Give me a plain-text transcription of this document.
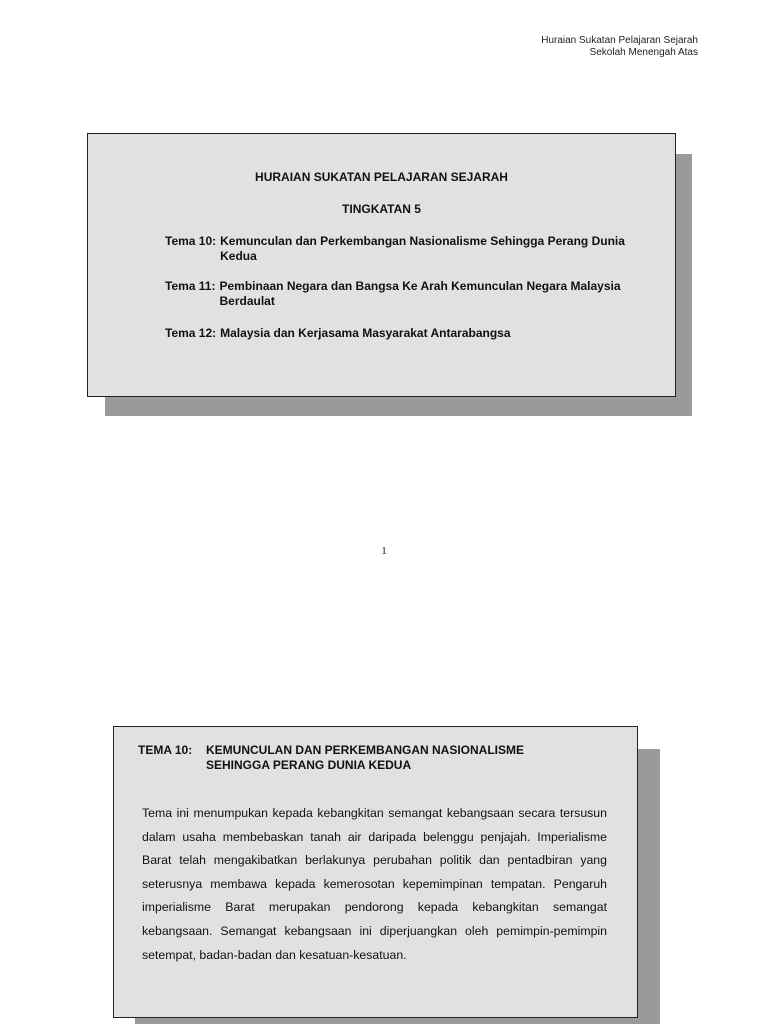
Huraian Sukatan Pelajaran Sejarah
Sekolah Menengah Atas
HURAIAN SUKATAN PELAJARAN SEJARAH
TINGKATAN 5
Tema 10: Kemunculan dan Perkembangan Nasionalisme Sehingga Perang Dunia Kedua
Tema 11: Pembinaan Negara dan Bangsa Ke Arah Kemunculan Negara Malaysia Berdaulat
Tema 12: Malaysia dan Kerjasama Masyarakat Antarabangsa
1
TEMA 10:	KEMUNCULAN DAN PERKEMBANGAN NASIONALISME SEHINGGA PERANG DUNIA KEDUA
Tema ini menumpukan kepada kebangkitan semangat kebangsaan secara tersusun dalam usaha membebaskan tanah air daripada belenggu penjajah. Imperialisme Barat telah mengakibatkan berlakunya perubahan politik dan pentadbiran yang seterusnya membawa kepada kemerosotan kepemimpinan tempatan. Pengaruh imperialisme Barat merupakan pendorong kepada kebangkitan semangat kebangsaan. Semangat kebangsaan ini diperjuangkan oleh pemimpin-pemimpin setempat, badan-badan dan kesatuan-kesatuan.
